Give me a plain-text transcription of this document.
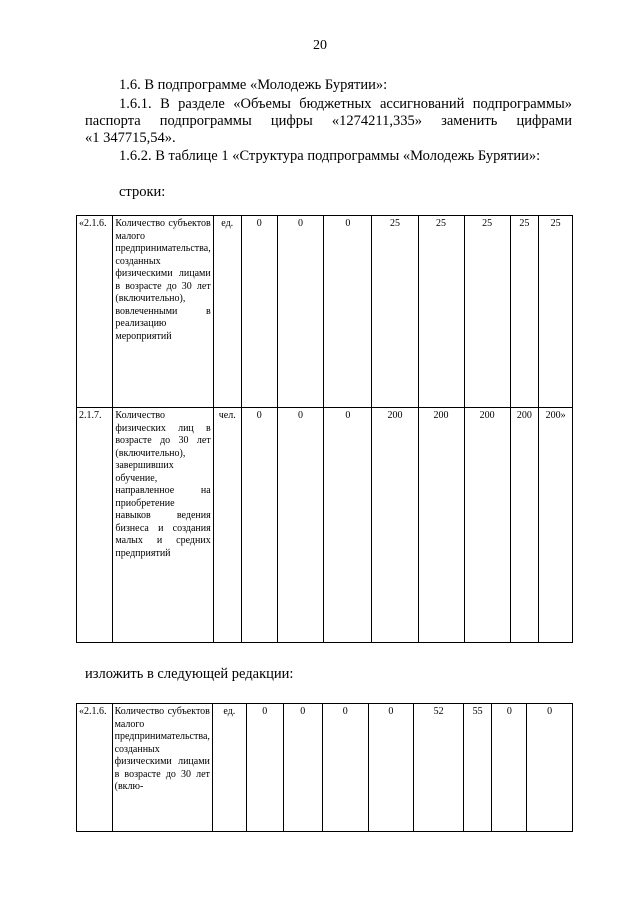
20
1.6. В подпрограмме «Молодежь Бурятии»:
1.6.1. В разделе «Объемы бюджетных ассигнований подпрограммы»
паспорта подпрограммы цифры «1274211,335» заменить цифрами
«1 347715,54».
1.6.2. В таблице 1 «Структура подпрограммы «Молодежь Бурятии»:
строки:
«2.1.6.	Количество субъектов малого предпринимательства, созданных физическими лицами в возрасте до 30 лет (включительно), вовлеченными в реализацию мероприятий	ед.	0	0	0	25	25	25	25	25
2.1.7.	Количество физических лиц в возрасте до 30 лет (включительно), завершивших обучение, направленное на приобретение навыков ведения бизнеса и создания малых и средних предприятий	чел.	0	0	0	200	200	200	200	200»
изложить в следующей редакции:
«2.1.6.	Количество субъектов малого предпринимательства, созданных физическими лицами в возрасте до 30 лет (вклю-	ед.	0	0	0	0	52	55	0	0
